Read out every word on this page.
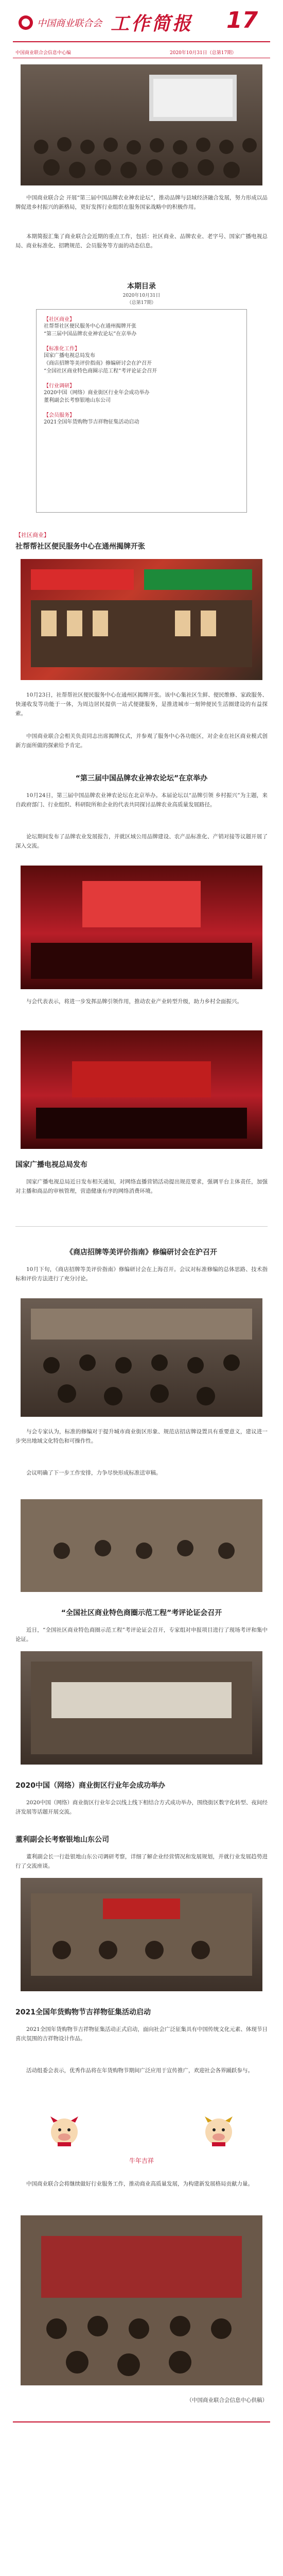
中国商业联合会 工作简报 17
中国商业联合会信息中心编	2020年10月31日（总第17期）
中国商业联合会 开展“第三届中国品牌农业神农论坛”，推动品牌与县域经济融合发展，努力形成以品牌促进乡村振兴的新格局，更好发挥行业组织在服务国家战略中的积极作用。
本期简报汇集了商业联合会近期的重点工作，包括：社区商业、品牌农业、老字号、国家广播电视总局、商业标准化、招聘规范、会员服务等方面的动态信息。
本期目录
2020年10月31日
（总第17期）

【社区商业】

社帮帮社区便民服务中心在通州揭牌开张

“第三届中国品牌农业神农论坛”在京举办

【标准化工作】

国家广播电视总局发布

《商店招牌等美评价指南》修编研讨会在沪召开

“全国社区商业特色商圈示范工程”考评论证会召开

【行业调研】

2020中国（网络）商业街区行业年会成功举办

董利副会长考察银地山东公司

【会员服务】

2021全国年货购物节吉祥物征集活动启动

【社区商业】
社帮帮社区便民服务中心在通州揭牌开张
10月23日，社帮帮社区便民服务中心在通州区揭牌开张。该中心集社区生鲜、便民维修、家政服务、快递收发等功能于一体，为周边居民提供一站式便捷服务，是推进城市一刻钟便民生活圈建设的有益探索。
中国商业联合会相关负责同志出席揭牌仪式，并参观了服务中心各功能区，对企业在社区商业模式创新方面所做的探索给予肯定。
“第三届中国品牌农业神农论坛”在京举办
10月24日，第三届中国品牌农业神农论坛在北京举办。本届论坛以“品牌引领 乡村振兴”为主题，来自政府部门、行业组织、科研院所和企业的代表共同探讨品牌农业高质量发展路径。
论坛期间发布了品牌农业发展报告，并就区域公用品牌建设、农产品标准化、产销对接等议题开展了深入交流。
与会代表表示，将进一步发挥品牌引领作用，推动农业产业转型升级，助力乡村全面振兴。
国家广播电视总局发布
国家广播电视总局近日发布相关通知，对网络直播营销活动提出规范要求，强调平台主体责任，加强对主播和商品的审核管理，营造健康有序的网络消费环境。
《商店招牌等美评价指南》修编研讨会在沪召开
10月下旬，《商店招牌等美评价指南》修编研讨会在上海召开。会议对标准修编的总体思路、技术指标和评价方法进行了充分讨论。
与会专家认为，标准的修编对于提升城市商业街区形象、规范店招店牌设置具有重要意义，建议进一步突出地域文化特色和可操作性。
会议明确了下一步工作安排，力争尽快形成标准送审稿。
“全国社区商业特色商圈示范工程”考评论证会召开
近日，“全国社区商业特色商圈示范工程”考评论证会召开，专家组对申报项目进行了现场考评和集中论证。
2020中国（网络）商业街区行业年会成功举办
2020中国（网络）商业街区行业年会以线上线下相结合方式成功举办，围绕街区数字化转型、夜间经济发展等话题开展交流。
董利副会长考察银地山东公司
董利副会长一行赴银地山东公司调研考察，详细了解企业经营情况和发展规划，并就行业发展趋势进行了交流座谈。
2021全国年货购物节吉祥物征集活动启动
2021全国年货购物节吉祥物征集活动正式启动，面向社会广泛征集具有中国传统文化元素、体现节日喜庆氛围的吉祥物设计作品。
活动组委会表示，优秀作品将在年货购物节期间广泛应用于宣传推广，欢迎社会各界踊跃参与。
牛年吉祥
中国商业联合会将继续做好行业服务工作，推动商业高质量发展，为构建新发展格局贡献力量。
（中国商业联合会信息中心供稿）
